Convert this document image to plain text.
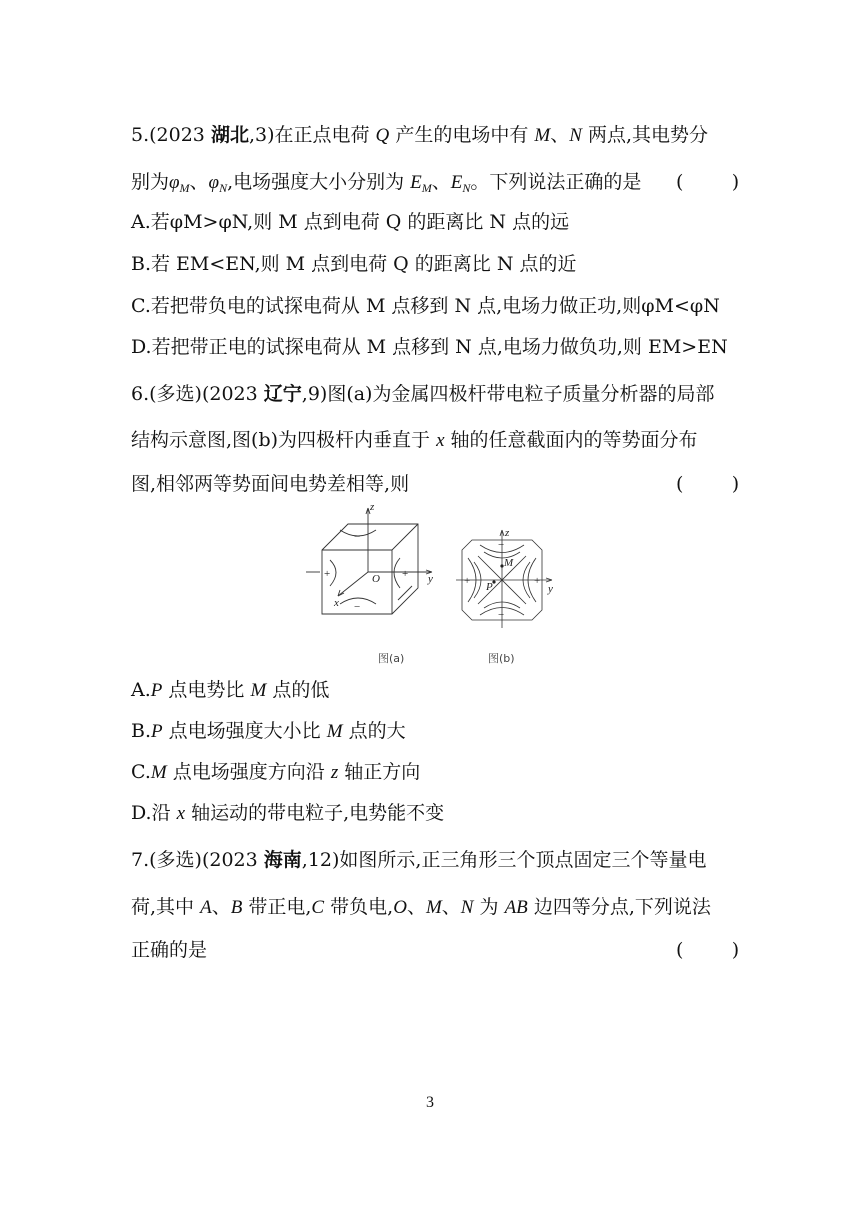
5.(2023 湖北,3)在正点电荷 Q 产生的电场中有 M、N 两点,其电势分
别为$\varphi_M$、$\varphi_N$,电场强度大小分别为 $E_M$、$E_N$。下列说法正确的是 (        )
A.若φM>φN,则 M 点到电荷 Q 的距离比 N 点的远
B.若 EM<EN,则 M 点到电荷 Q 的距离比 N 点的近
C.若把带负电的试探电荷从 M 点移到 N 点,电场力做正功,则φM<φN
D.若把带正电的试探电荷从 M 点移到 N 点,电场力做负功,则 EM>EN
6.(多选)(2023 辽宁,9)图(a)为金属四极杆带电粒子质量分析器的局部
结构示意图,图(b)为四极杆内垂直于 x 轴的任意截面内的等势面分布
图,相邻两等势面间电势差相等,则	(        )
z
y
x
O
+	+
−
−
z
y
M
P
+	+
−
−
图(a)	图(b)
A.P 点电势比 M 点的低
B.P 点电场强度大小比 M 点的大
C.M 点电场强度方向沿 z 轴正方向
D.沿 x 轴运动的带电粒子,电势能不变
7.(多选)(2023 海南,12)如图所示,正三角形三个顶点固定三个等量电
荷,其中 A、B 带正电,C 带负电,O、M、N 为 AB 边四等分点,下列说法
正确的是	(        )
3
